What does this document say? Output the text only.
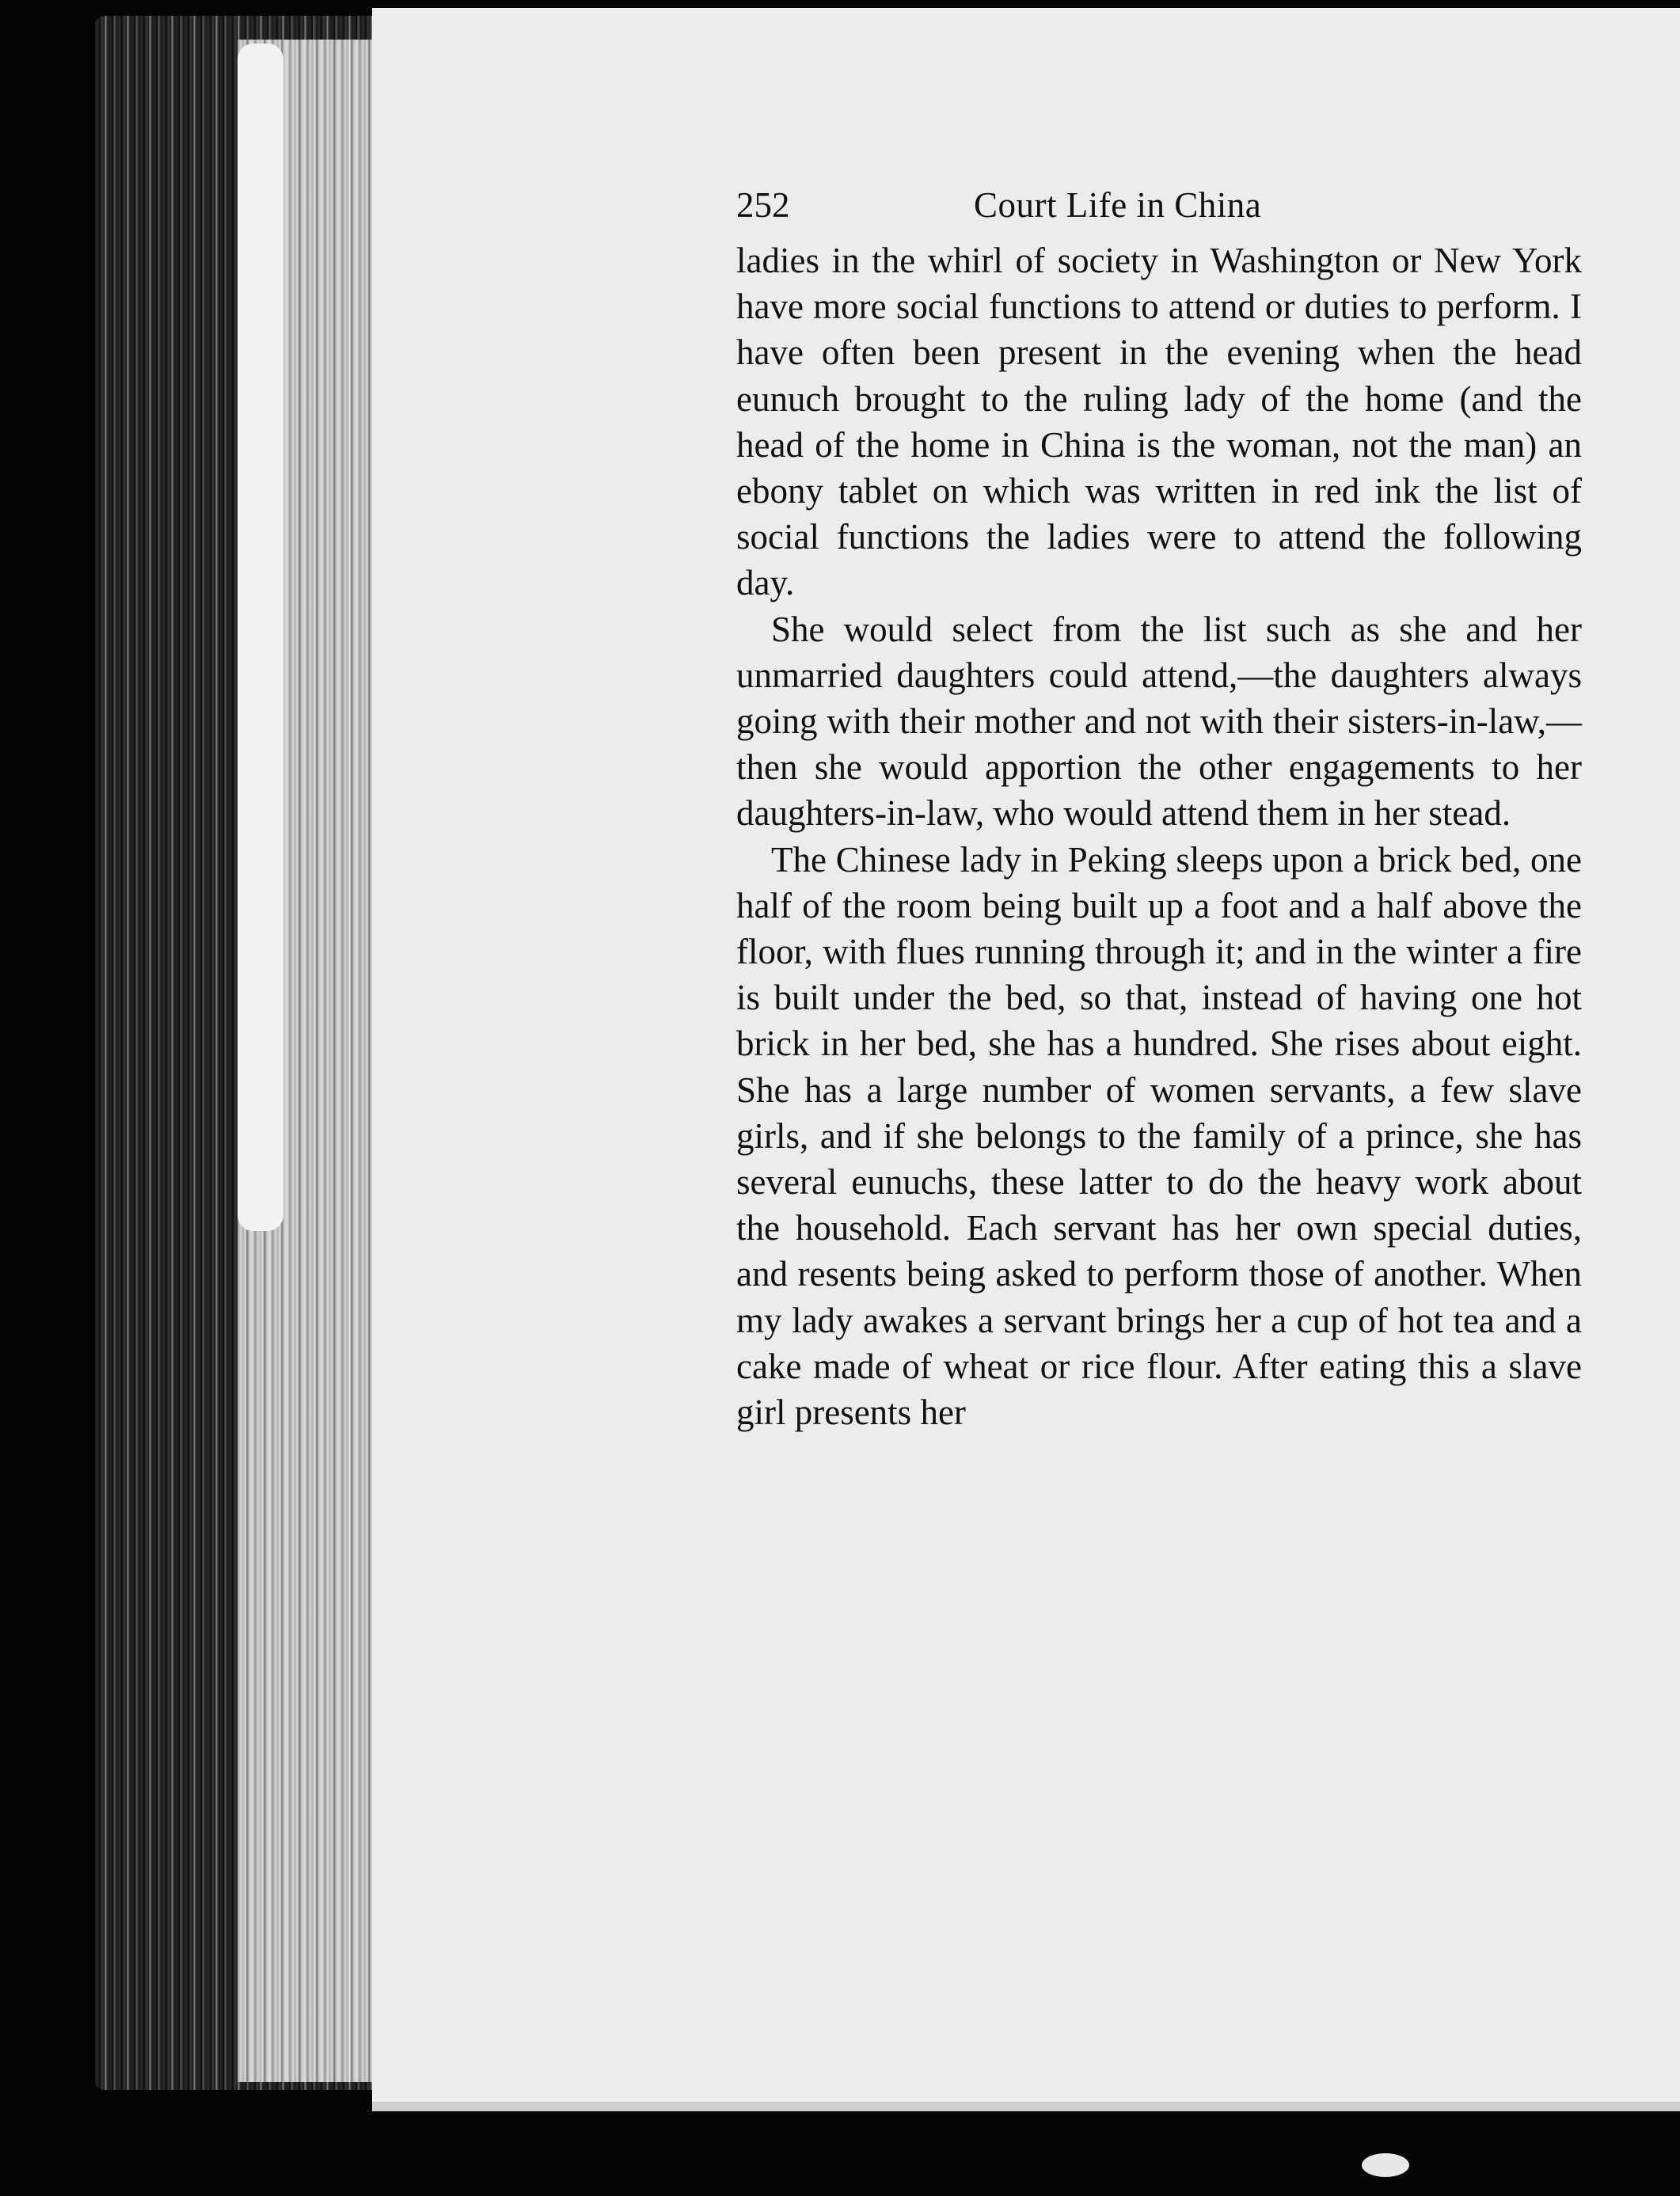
252	Court Life in China

ladies in the whirl of society in Washington or New York have more social functions to attend or duties to perform. I have often been present in the evening when the head eunuch brought to the ruling lady of the home (and the head of the home in China is the woman, not the man) an ebony tablet on which was written in red ink the list of social functions the ladies were to attend the following day.

She would select from the list such as she and her unmarried daughters could attend,—the daughters always going with their mother and not with their sisters-in-law,—then she would apportion the other engagements to her daughters-in-law, who would attend them in her stead.

The Chinese lady in Peking sleeps upon a brick bed, one half of the room being built up a foot and a half above the floor, with flues running through it; and in the winter a fire is built under the bed, so that, instead of having one hot brick in her bed, she has a hundred. She rises about eight. She has a large number of women servants, a few slave girls, and if she belongs to the family of a prince, she has several eunuchs, these latter to do the heavy work about the household. Each servant has her own special duties, and resents being asked to perform those of another. When my lady awakes a servant brings her a cup of hot tea and a cake made of wheat or rice flour. After eating this a slave girl presents her
